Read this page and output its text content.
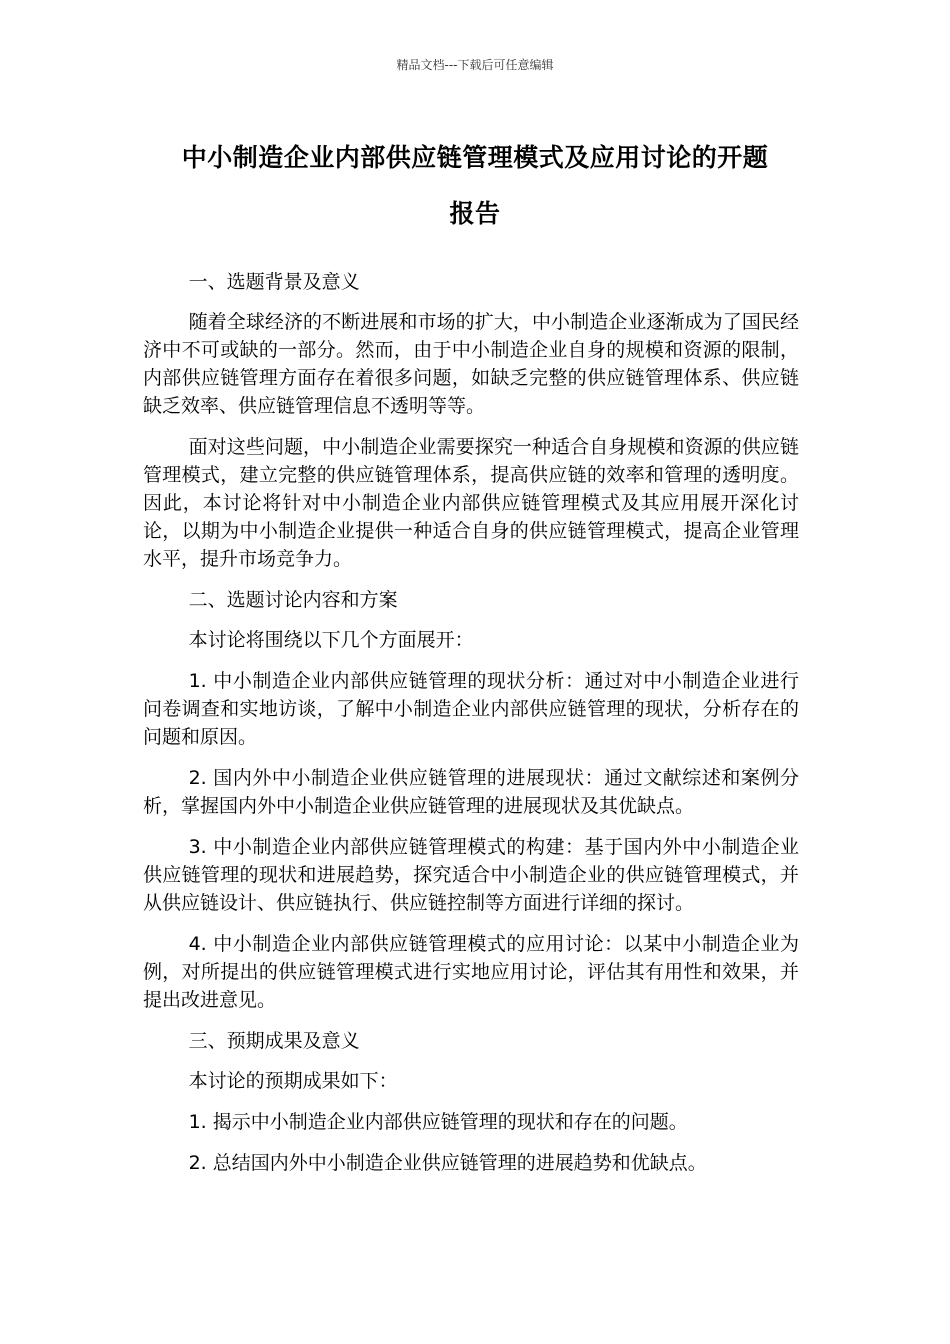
精品文档---下载后可任意编辑
中小制造企业内部供应链管理模式及应用讨论的开题
报告

一、选题背景及意义

随着全球经济的不断进展和市场的扩大，中小制造企业逐渐成为了国民经济中不可或缺的一部分。然而，由于中小制造企业自身的规模和资源的限制，内部供应链管理方面存在着很多问题，如缺乏完整的供应链管理体系、供应链缺乏效率、供应链管理信息不透明等等。

面对这些问题，中小制造企业需要探究一种适合自身规模和资源的供应链管理模式，建立完整的供应链管理体系，提高供应链的效率和管理的透明度。因此，本讨论将针对中小制造企业内部供应链管理模式及其应用展开深化讨论，以期为中小制造企业提供一种适合自身的供应链管理模式，提高企业管理水平，提升市场竞争力。

二、选题讨论内容和方案

本讨论将围绕以下几个方面展开：

1. 中小制造企业内部供应链管理的现状分析：通过对中小制造企业进行问卷调查和实地访谈，了解中小制造企业内部供应链管理的现状，分析存在的问题和原因。

2. 国内外中小制造企业供应链管理的进展现状：通过文献综述和案例分析，掌握国内外中小制造企业供应链管理的进展现状及其优缺点。

3. 中小制造企业内部供应链管理模式的构建：基于国内外中小制造企业供应链管理的现状和进展趋势，探究适合中小制造企业的供应链管理模式，并从供应链设计、供应链执行、供应链控制等方面进行详细的探讨。

4. 中小制造企业内部供应链管理模式的应用讨论：以某中小制造企业为例，对所提出的供应链管理模式进行实地应用讨论，评估其有用性和效果，并提出改进意见。

三、预期成果及意义

本讨论的预期成果如下：

1. 揭示中小制造企业内部供应链管理的现状和存在的问题。

2. 总结国内外中小制造企业供应链管理的进展趋势和优缺点。
